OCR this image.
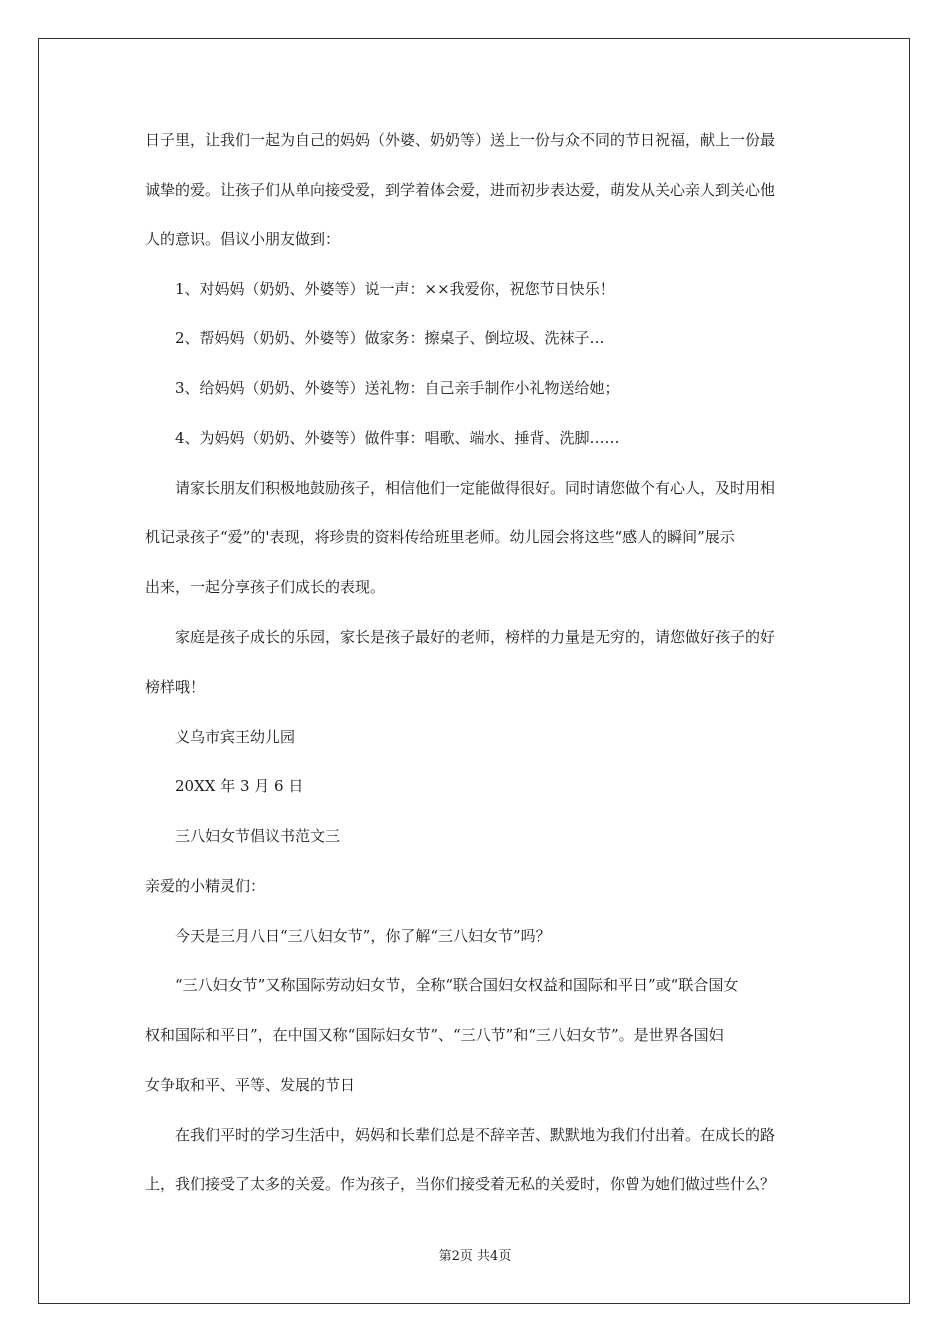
日子里，让我们一起为自己的妈妈（外婆、奶奶等）送上一份与众不同的节日祝福，献上一份最
诚挚的爱。让孩子们从单向接受爱，到学着体会爱，进而初步表达爱，萌发从关心亲人到关心他
人的意识。倡议小朋友做到：
1、对妈妈（奶奶、外婆等）说一声：××我爱你，祝您节日快乐！
2、帮妈妈（奶奶、外婆等）做家务：擦桌子、倒垃圾、洗袜子…
3、给妈妈（奶奶、外婆等）送礼物：自己亲手制作小礼物送给她；
4、为妈妈（奶奶、外婆等）做件事：唱歌、端水、捶背、洗脚……
请家长朋友们积极地鼓励孩子，相信他们一定能做得很好。同时请您做个有心人，及时用相
机记录孩子“爱”的'表现，将珍贵的资料传给班里老师。幼儿园会将这些“感人的瞬间”展示
出来，一起分享孩子们成长的表现。
家庭是孩子成长的乐园，家长是孩子最好的老师，榜样的力量是无穷的，请您做好孩子的好
榜样哦！
义乌市宾王幼儿园
20XX 年 3 月 6 日
三八妇女节倡议书范文三
亲爱的小精灵们：
今天是三月八日“三八妇女节”，你了解“三八妇女节”吗？
“三八妇女节”又称国际劳动妇女节，全称“联合国妇女权益和国际和平日”或“联合国女
权和国际和平日”，在中国又称“国际妇女节”、“三八节”和“三八妇女节”。是世界各国妇
女争取和平、平等、发展的节日
在我们平时的学习生活中，妈妈和长辈们总是不辞辛苦、默默地为我们付出着。在成长的路
上，我们接受了太多的关爱。作为孩子，当你们接受着无私的关爱时，你曾为她们做过些什么？
第2页 共4页
